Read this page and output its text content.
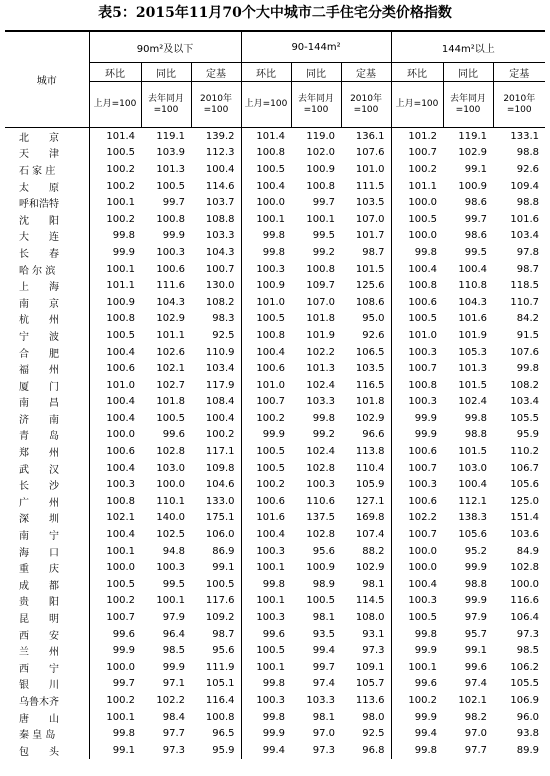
表5：2015年11月70个大中城市二手住宅分类价格指数
城市	90m²及以下			90-144m²			144m²以上		
	环比	同比	定基	环比	同比	定基	环比	同比	定基
	上月=100	去年同月=100	2010年=100	上月=100	去年同月=100	2010年=100	上月=100	去年同月=100	2010年=100
北　　京	101.4	119.1	139.2	101.4	119.0	136.1	101.2	119.1	133.1
天　　津	100.5	103.9	112.3	100.8	102.0	107.6	100.7	102.9	98.8
石 家 庄	100.2	101.3	100.4	100.5	100.9	101.0	100.2	99.1	92.6
太　　原	100.2	100.5	114.6	100.4	100.8	111.5	101.1	100.9	109.4
呼和浩特	100.1	99.7	103.7	100.0	99.7	103.5	100.0	98.6	98.8
沈　　阳	100.2	100.8	108.8	100.1	100.1	107.0	100.5	99.7	101.6
大　　连	99.8	99.9	103.3	99.8	99.5	101.7	100.0	98.6	103.4
长　　春	99.9	100.3	104.3	99.8	99.2	98.7	99.8	99.5	97.8
哈 尔 滨	100.1	100.6	100.7	100.3	100.8	101.5	100.4	100.4	98.7
上　　海	101.1	111.6	130.0	100.9	109.7	125.6	100.8	110.8	118.5
南　　京	100.9	104.3	108.2	101.0	107.0	108.6	100.6	104.3	110.7
杭　　州	100.8	102.9	98.3	100.5	101.8	95.0	100.5	101.6	84.2
宁　　波	100.5	101.1	92.5	100.8	101.9	92.6	101.0	101.9	91.5
合　　肥	100.4	102.6	110.9	100.4	102.2	106.5	100.3	105.3	107.6
福　　州	100.6	102.1	103.4	100.6	101.3	103.5	100.7	101.3	99.8
厦　　门	101.0	102.7	117.9	101.0	102.4	116.5	100.8	101.5	108.2
南　　昌	100.4	101.8	108.4	100.7	103.3	101.8	100.3	102.4	103.4
济　　南	100.4	100.5	100.4	100.2	99.8	102.9	99.9	99.8	105.5
青　　岛	100.0	99.6	100.2	99.9	99.2	96.6	99.9	98.8	95.9
郑　　州	100.6	102.8	117.1	100.5	102.4	113.8	100.6	101.5	110.2
武　　汉	100.4	103.0	109.8	100.5	102.8	110.4	100.7	103.0	106.7
长　　沙	100.3	100.0	104.6	100.2	100.3	105.9	100.3	100.4	105.6
广　　州	100.8	110.1	133.0	100.6	110.6	127.1	100.6	112.1	125.0
深　　圳	102.1	140.0	175.1	101.6	137.5	169.8	102.2	138.3	151.4
南　　宁	100.4	102.5	106.0	100.4	102.8	107.4	100.7	105.6	103.6
海　　口	100.1	94.8	86.9	100.3	95.6	88.2	100.0	95.2	84.9
重　　庆	100.0	100.3	99.1	100.1	100.9	102.9	100.0	99.9	102.8
成　　都	100.5	99.5	100.5	99.8	98.9	98.1	100.4	98.8	100.0
贵　　阳	100.2	100.1	117.6	100.1	100.5	114.5	100.3	99.9	116.6
昆　　明	100.7	97.9	109.2	100.3	98.1	108.0	100.5	97.9	106.4
西　　安	99.6	96.4	98.7	99.6	93.5	93.1	99.8	95.7	97.3
兰　　州	99.9	98.5	95.6	100.5	99.4	97.3	99.9	99.1	98.5
西　　宁	100.0	99.9	111.9	100.1	99.7	109.1	100.1	99.6	106.2
银　　川	99.7	97.1	105.1	99.8	97.4	105.7	99.6	97.4	105.5
乌鲁木齐	100.2	102.2	116.4	100.3	103.3	113.6	100.2	102.1	106.9
唐　　山	100.1	98.4	100.8	99.8	98.1	98.0	99.9	98.2	96.0
秦 皇 岛	99.8	97.7	96.5	99.9	97.0	92.5	99.4	97.0	93.8
包　　头	99.1	97.3	95.9	99.4	97.3	96.8	99.8	97.7	89.9
